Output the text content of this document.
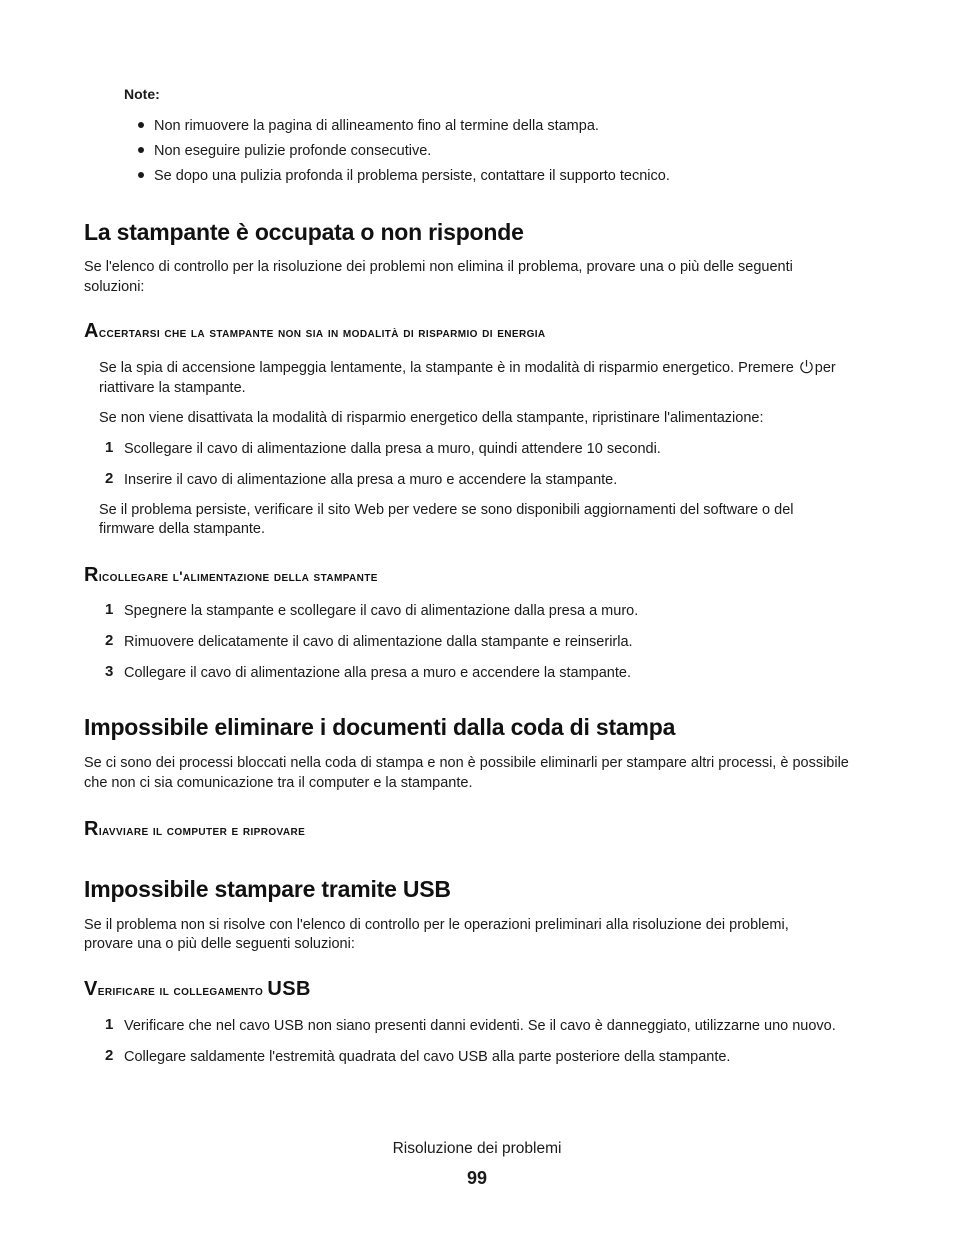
Note:
Non rimuovere la pagina di allineamento fino al termine della stampa.
Non eseguire pulizie profonde consecutive.
Se dopo una pulizia profonda il problema persiste, contattare il supporto tecnico.
La stampante è occupata o non risponde
Se l'elenco di controllo per la risoluzione dei problemi non elimina il problema, provare una o più delle seguenti
soluzioni:
Accertarsi che la stampante non sia in modalità di risparmio di energia
Se la spia di accensione lampeggia lentamente, la stampante è in modalità di risparmio energetico. Premere per
riattivare la stampante.
Se non viene disattivata la modalità di risparmio energetico della stampante, ripristinare l'alimentazione:
1 Scollegare il cavo di alimentazione dalla presa a muro, quindi attendere 10 secondi.
2 Inserire il cavo di alimentazione alla presa a muro e accendere la stampante.
Se il problema persiste, verificare il sito Web per vedere se sono disponibili aggiornamenti del software o del
firmware della stampante.
Ricollegare l'alimentazione della stampante
1 Spegnere la stampante e scollegare il cavo di alimentazione dalla presa a muro.
2 Rimuovere delicatamente il cavo di alimentazione dalla stampante e reinserirla.
3 Collegare il cavo di alimentazione alla presa a muro e accendere la stampante.
Impossibile eliminare i documenti dalla coda di stampa
Se ci sono dei processi bloccati nella coda di stampa e non è possibile eliminarli per stampare altri processi, è possibile
che non ci sia comunicazione tra il computer e la stampante.
Riavviare il computer e riprovare
Impossibile stampare tramite USB
Se il problema non si risolve con l'elenco di controllo per le operazioni preliminari alla risoluzione dei problemi,
provare una o più delle seguenti soluzioni:
Verificare il collegamento USB
1 Verificare che nel cavo USB non siano presenti danni evidenti. Se il cavo è danneggiato, utilizzarne uno nuovo.
2 Collegare saldamente l'estremità quadrata del cavo USB alla parte posteriore della stampante.
Risoluzione dei problemi
99
